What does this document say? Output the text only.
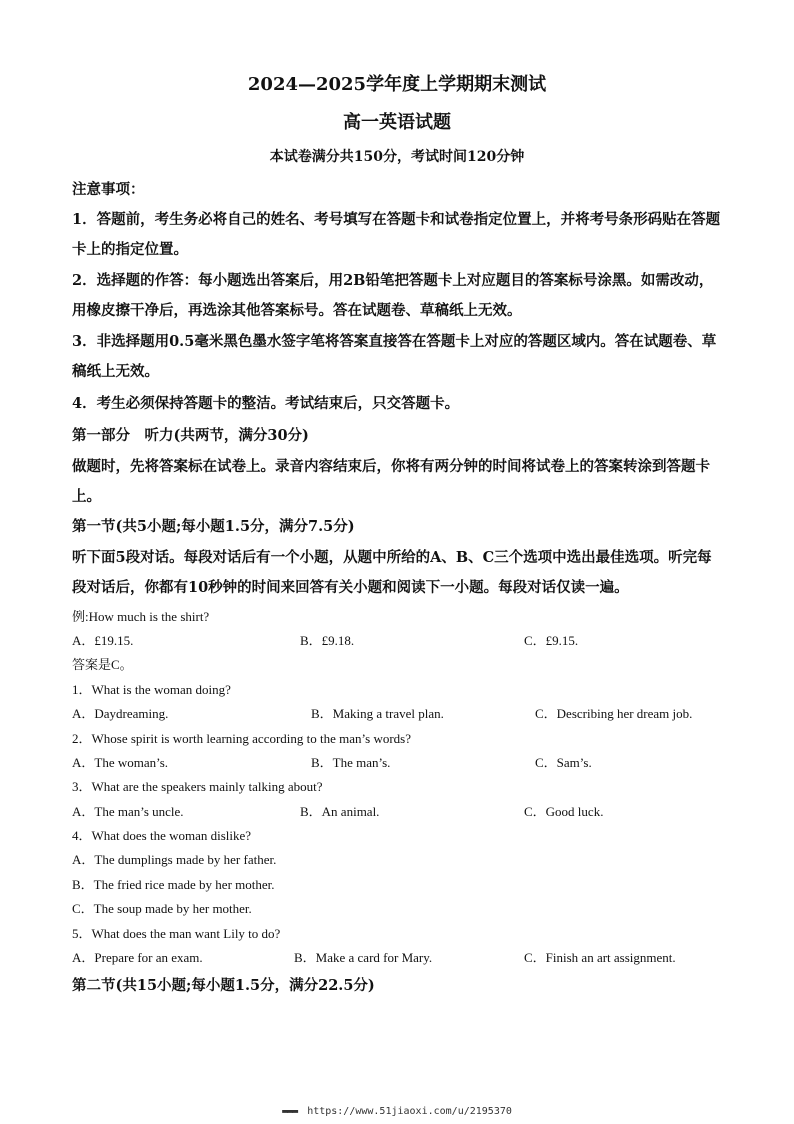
2024—2025学年度上学期期末测试
高一英语试题
本试卷满分共150分，考试时间120分钟
注意事项：
1．答题前，考生务必将自己的姓名、考号填写在答题卡和试卷指定位置上，并将考号条形码贴在答题卡上的指定位置。
2．选择题的作答：每小题选出答案后，用2B铅笔把答题卡上对应题目的答案标号涂黑。如需改动，用橡皮擦干净后，再选涂其他答案标号。答在试题卷、草稿纸上无效。
3．非选择题用0.5毫米黑色墨水签字笔将答案直接答在答题卡上对应的答题区域内。答在试题卷、草稿纸上无效。
4．考生必须保持答题卡的整洁。考试结束后，只交答题卡。
第一部分　听力(共两节，满分30分)
做题时，先将答案标在试卷上。录音内容结束后，你将有两分钟的时间将试卷上的答案转涂到答题卡上。
第一节(共5小题;每小题1.5分，满分7.5分)
听下面5段对话。每段对话后有一个小题，从题中所给的A、B、C三个选项中选出最佳选项。听完每段对话后，你都有10秒钟的时间来回答有关小题和阅读下一小题。每段对话仅读一遍。
例:How much is the shirt?
A．£19.15.	B．£9.18.	C．£9.15.
答案是C。
1．What is the woman doing?
A．Daydreaming.	B．Making a travel plan.	C．Describing her dream job.
2．Whose spirit is worth learning according to the man’s words?
A．The woman’s.	B．The man’s.	C．Sam’s.
3．What are the speakers mainly talking about?
A．The man’s uncle.	B．An animal.	C．Good luck.
4．What does the woman dislike?
A．The dumplings made by her father.
B．The fried rice made by her mother.
C．The soup made by her mother.
5．What does the man want Lily to do?
A．Prepare for an exam.	B．Make a card for Mary.	C．Finish an art assignment.
第二节(共15小题;每小题1.5分，满分22.5分)
▬▬▬ https://www.51jiaoxi.com/u/2195370
